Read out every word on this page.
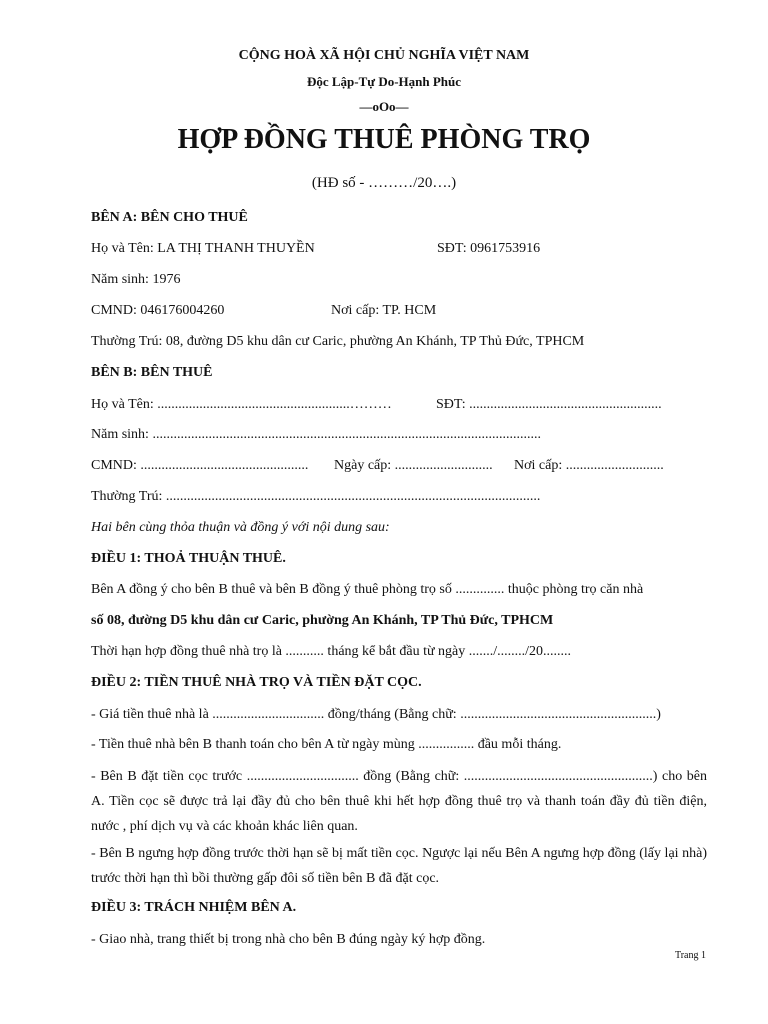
CỘNG HOÀ XÃ HỘI CHỦ NGHĨA VIỆT NAM
Độc Lập-Tự Do-Hạnh Phúc
—oOo—
HỢP ĐỒNG THUÊ PHÒNG TRỌ
(HĐ số - ………/20….)
BÊN A: BÊN CHO THUÊ
Họ và Tên: LA THỊ THANH THUYỀN	SĐT: 0961753916
Năm sinh: 1976
CMND: 046176004260	Nơi cấp: TP. HCM
Thường Trú: 08, đường D5 khu dân cư Caric, phường An Khánh, TP Thủ Đức, TPHCM
BÊN B: BÊN THUÊ
Họ và Tên: .......................................................………	SĐT: .......................................................
Năm sinh: ...............................................................................................................
CMND: ................................................ Ngày cấp: ............................ Nơi cấp: ............................
Thường Trú: ...........................................................................................................
Hai bên cùng thỏa thuận và đồng ý với nội dung sau:
ĐIỀU 1: THOẢ THUẬN THUÊ.
Bên A đồng ý cho bên B thuê và bên B đồng ý thuê phòng trọ số .............. thuộc phòng trọ căn nhà
số 08, đường D5 khu dân cư Caric, phường An Khánh, TP Thủ Đức, TPHCM
Thời hạn hợp đồng thuê nhà trọ là ........... tháng kể bắt đầu từ ngày ......./......../20........
ĐIỀU 2: TIỀN THUÊ NHÀ TRỌ VÀ TIỀN ĐẶT CỌC.
- Giá tiền thuê nhà là ................................ đồng/tháng (Bằng chữ: ........................................................)
- Tiền thuê nhà bên B thanh toán cho bên A từ ngày mùng ................ đầu mỗi tháng.
- Bên B đặt tiền cọc trước ................................ đồng (Bằng chữ: ......................................................) cho bên A. Tiền cọc sẽ được trả lại đầy đủ cho bên thuê khi hết hợp đồng thuê trọ và thanh toán đầy đủ tiền điện, nước , phí dịch vụ và các khoản khác liên quan.
- Bên B ngưng hợp đồng trước thời hạn sẽ bị mất tiền cọc. Ngược lại nếu Bên A ngưng hợp đồng (lấy lại nhà) trước thời hạn thì bồi thường gấp đôi số tiền bên B đã đặt cọc.
ĐIỀU 3: TRÁCH NHIỆM BÊN A.
- Giao nhà, trang thiết bị trong nhà cho bên B đúng ngày ký hợp đồng.
Trang 1
